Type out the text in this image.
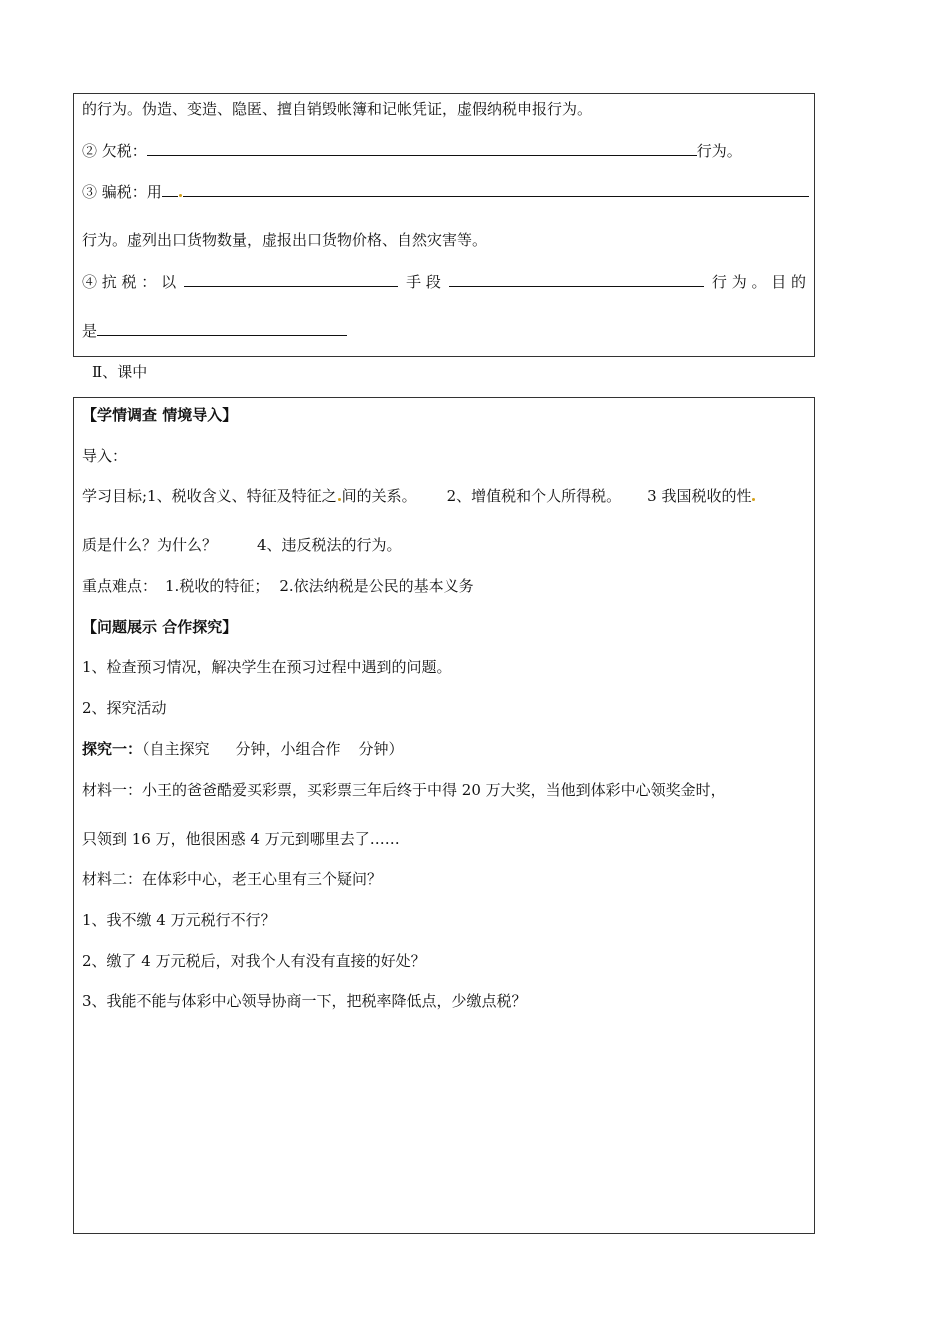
的行为。伪造、变造、隐匿、擅自销毁帐簿和记帐凭证，虚假纳税申报行为。
② 欠税：	行为。
③ 骗税：用
行为。虚列出口货物数量，虚报出口货物价格、自然灾害等。
④ 抗 税 ： 以	手 段	行 为 。 目 的
是
Ⅱ、课中
【学情调查 情境导入】
导入：
学习目标;1、税收含义、特征及特征之 间的关系。 2、增值税和个人所得税。 3 我国税收的性
质是什么？为什么？	4、违反税法的行为。
重点难点： 1.税收的特征； 2.依法纳税是公民的基本义务
【问题展示 合作探究】
1、检查预习情况，解决学生在预习过程中遇到的问题。
2、探究活动
探究一：（自主探究 分钟，小组合作 分钟）
材料一：小王的爸爸酷爱买彩票，买彩票三年后终于中得 20 万大奖，当他到体彩中心领奖金时，
只领到 16 万，他很困惑 4 万元到哪里去了……
材料二：在体彩中心，老王心里有三个疑问？
1、我不缴 4 万元税行不行？
2、缴了 4 万元税后，对我个人有没有直接的好处？
3、我能不能与体彩中心领导协商一下，把税率降低点，少缴点税？
